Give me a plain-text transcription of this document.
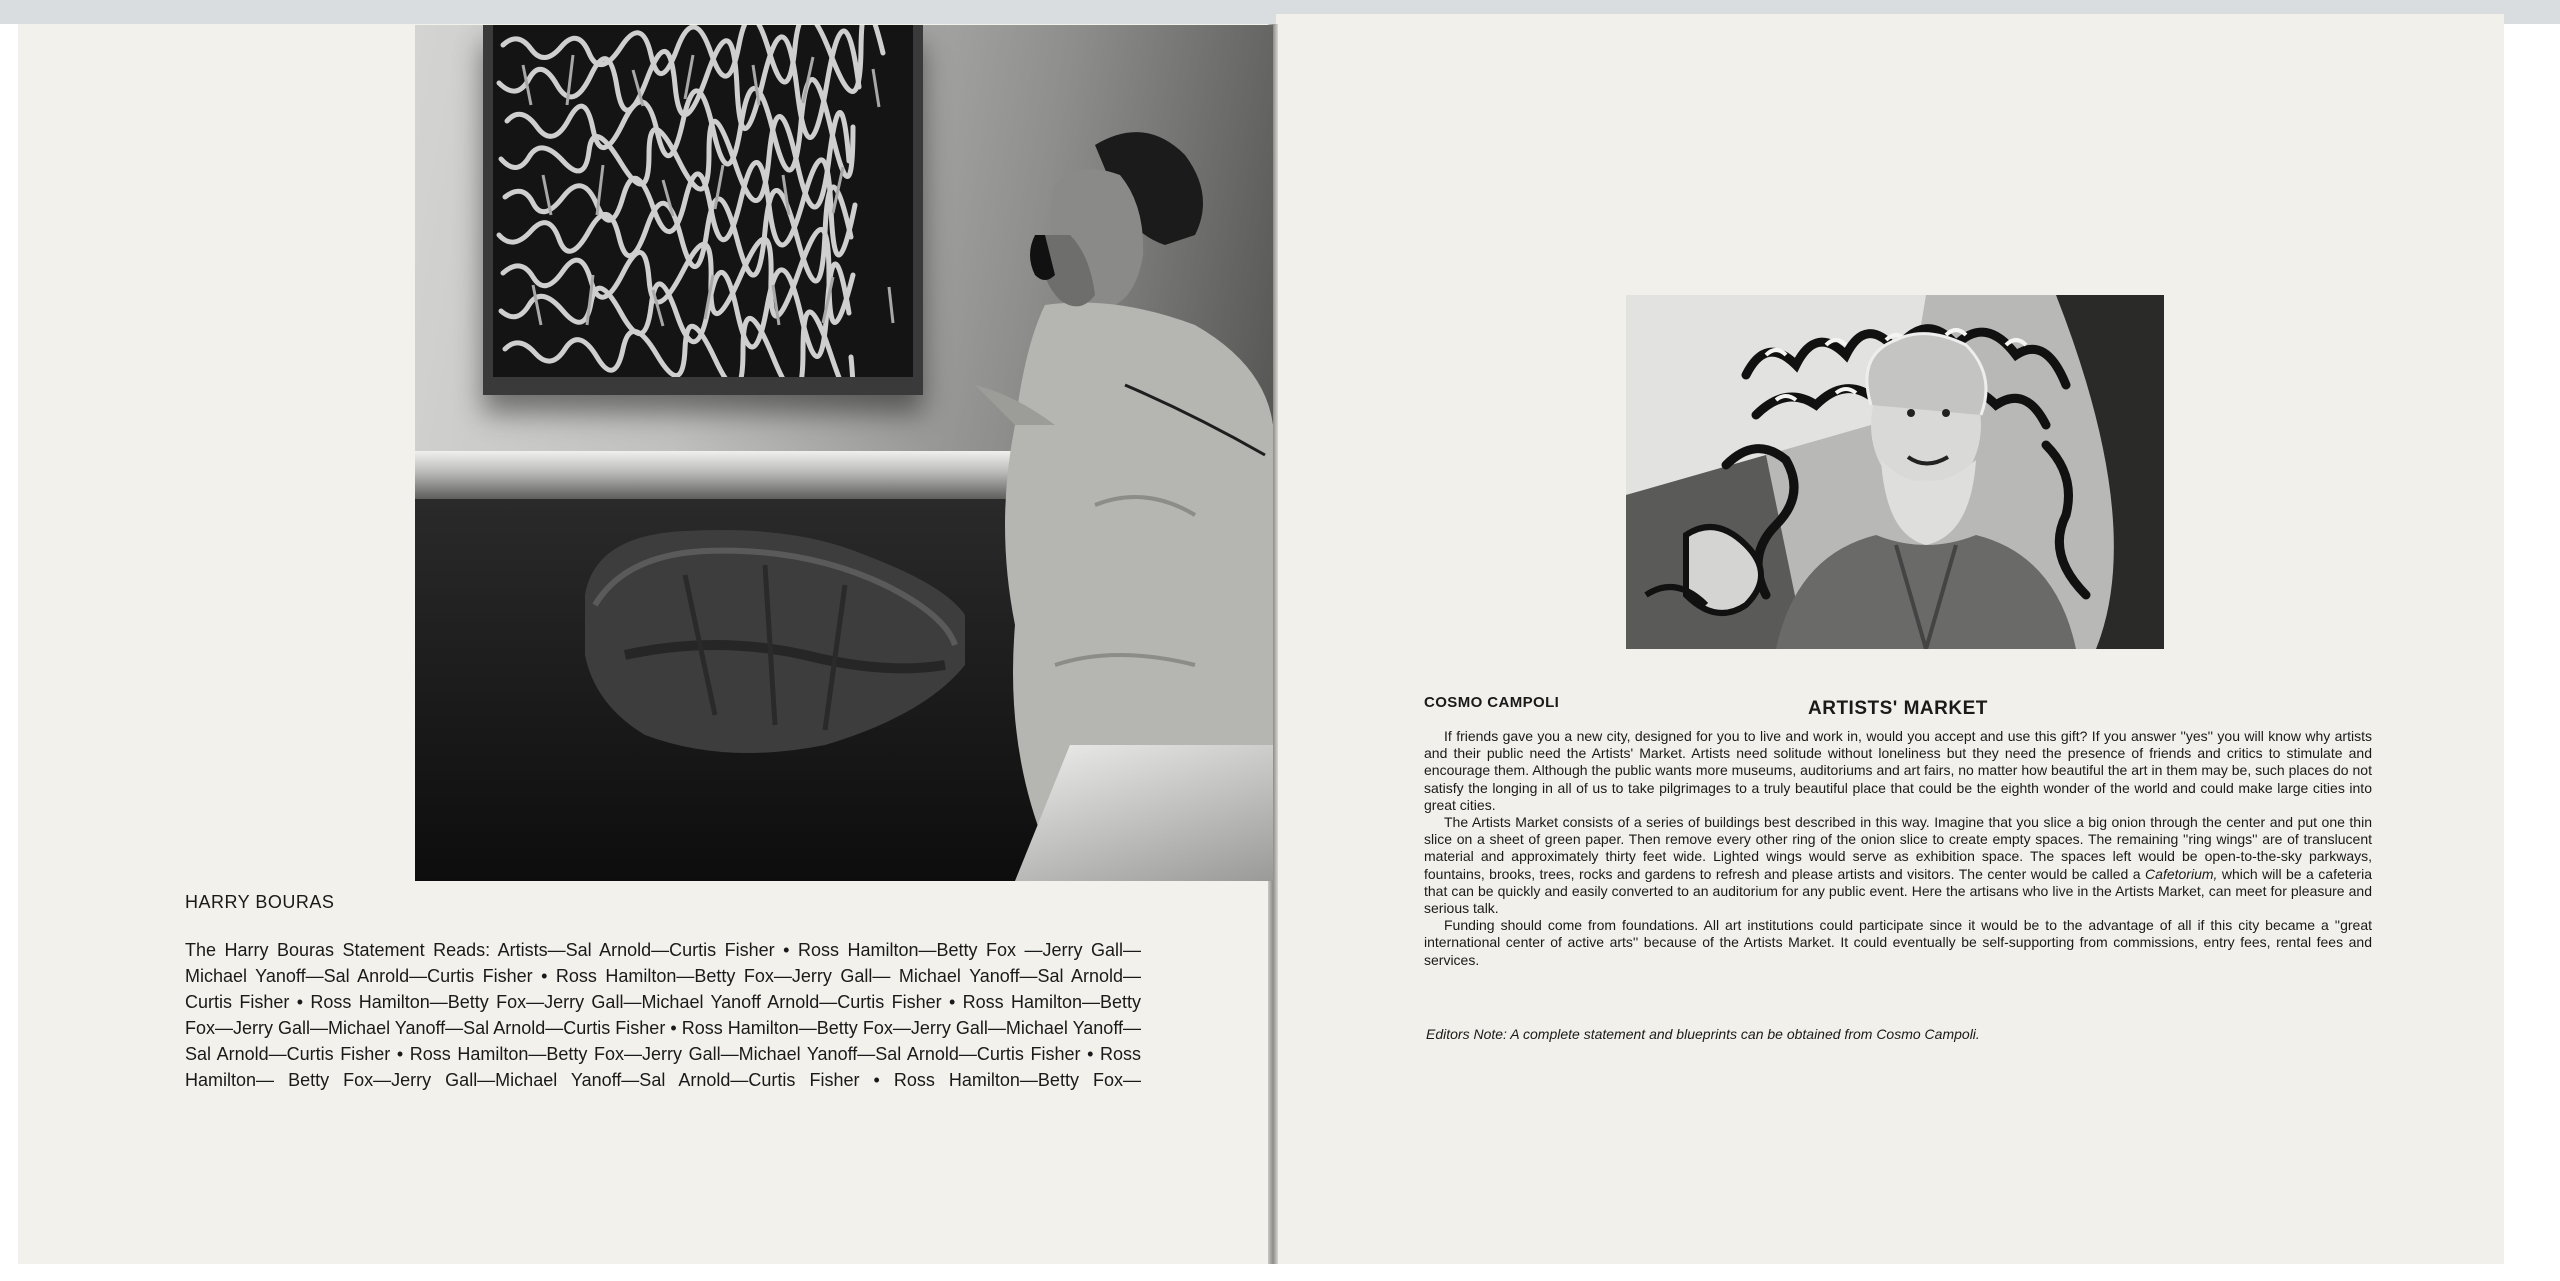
HARRY BOURAS
The Harry Bouras Statement Reads: Artists—Sal Arnold—Curtis Fisher • Ross Hamilton—Betty Fox —Jerry Gall—Michael Yanoff—Sal Anrold—Curtis Fisher • Ross Hamilton—Betty Fox—Jerry Gall— Michael Yanoff—Sal Arnold—Curtis Fisher • Ross Hamilton—Betty Fox—Jerry Gall—Michael Yanoff Arnold—Curtis Fisher • Ross Hamilton—Betty Fox—Jerry Gall—Michael Yanoff—Sal Arnold—Curtis Fisher • Ross Hamilton—Betty Fox—Jerry Gall—Michael Yanoff—Sal Arnold—Curtis Fisher • Ross Hamilton—Betty Fox—Jerry Gall—Michael Yanoff—Sal Arnold—Curtis Fisher • Ross Hamilton— Betty Fox—Jerry Gall—Michael Yanoff—Sal Arnold—Curtis Fisher • Ross Hamilton—Betty Fox—
COSMO CAMPOLI	ARTISTS' MARKET

If friends gave you a new city, designed for you to live and work in, would you accept and use this gift? If you answer ''yes'' you will know why artists and their public need the Artists' Market. Artists need solitude without loneliness but they need the presence of friends and critics to stimulate and encourage them. Although the public wants more museums, auditoriums and art fairs, no matter how beautiful the art in them may be, such places do not satisfy the longing in all of us to take pilgrimages to a truly beautiful place that could be the eighth wonder of the world and could make large cities into great cities.

The Artists Market consists of a series of buildings best described in this way. Imagine that you slice a big onion through the center and put one thin slice on a sheet of green paper. Then remove every other ring of the onion slice to create empty spaces. The remaining ''ring wings'' are of translucent material and approximately thirty feet wide. Lighted wings would serve as exhibition space. The spaces left would be open-to-the-sky parkways, fountains, brooks, trees, rocks and gardens to refresh and please artists and visitors. The center would be called a Cafetorium, which will be a cafeteria that can be quickly and easily converted to an auditorium for any public event. Here the artisans who live in the Artists Market, can meet for pleasure and serious talk.

Funding should come from foundations. All art institutions could participate since it would be to the advantage of all if this city became a ''great international center of active arts'' because of the Artists Market. It could eventually be self-supporting from commissions, entry fees, rental fees and services.

Editors Note: A complete statement and blueprints can be obtained from Cosmo Campoli.
